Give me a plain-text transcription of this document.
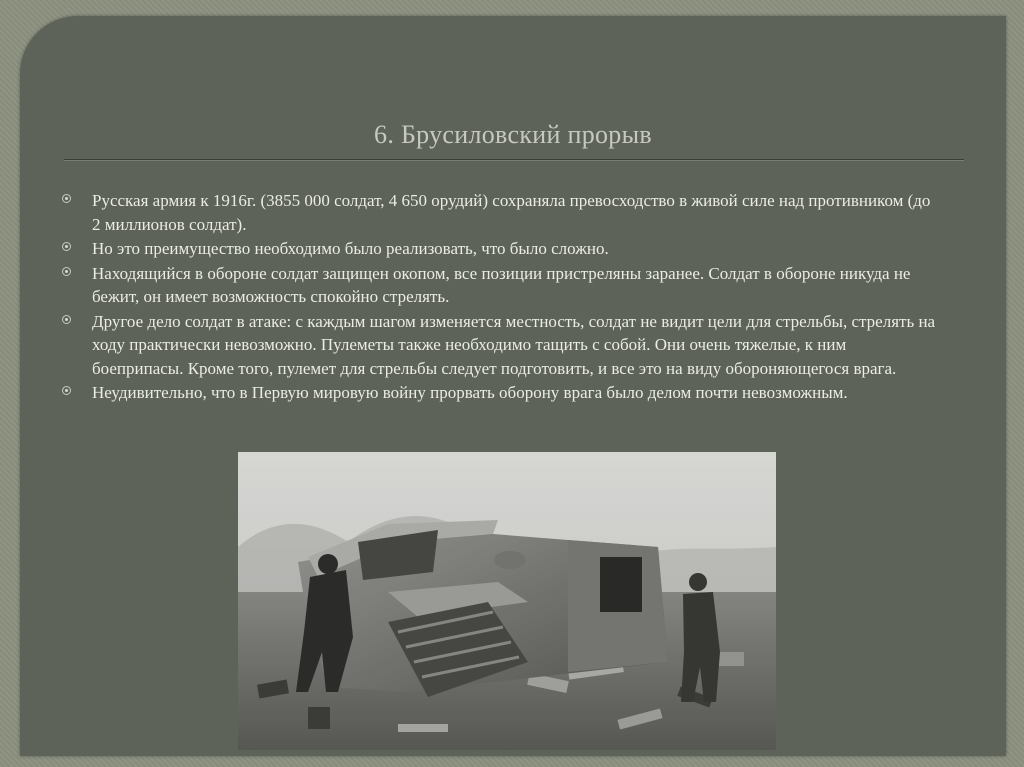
6. Брусиловский прорыв
Русская армия к 1916г. (3855 000 солдат, 4 650 орудий) сохраняла превосходство в живой силе над противником (до 2 миллионов солдат).
Но это преимущество необходимо было реализовать, что было сложно.
Находящийся в обороне солдат защищен окопом, все позиции пристреляны заранее. Солдат в обороне никуда не бежит, он имеет возможность спокойно стрелять.
Другое дело солдат в атаке: с каждым шагом изменяется местность, солдат не видит цели для стрельбы, стрелять на ходу практически невозможно. Пулеметы также необходимо тащить с собой. Они очень тяжелые, к ним боеприпасы. Кроме того, пулемет для стрельбы следует подготовить, и все это на виду обороняющегося врага.
Неудивительно, что в Первую мировую войну прорвать оборону врага было делом почти невозможным.
